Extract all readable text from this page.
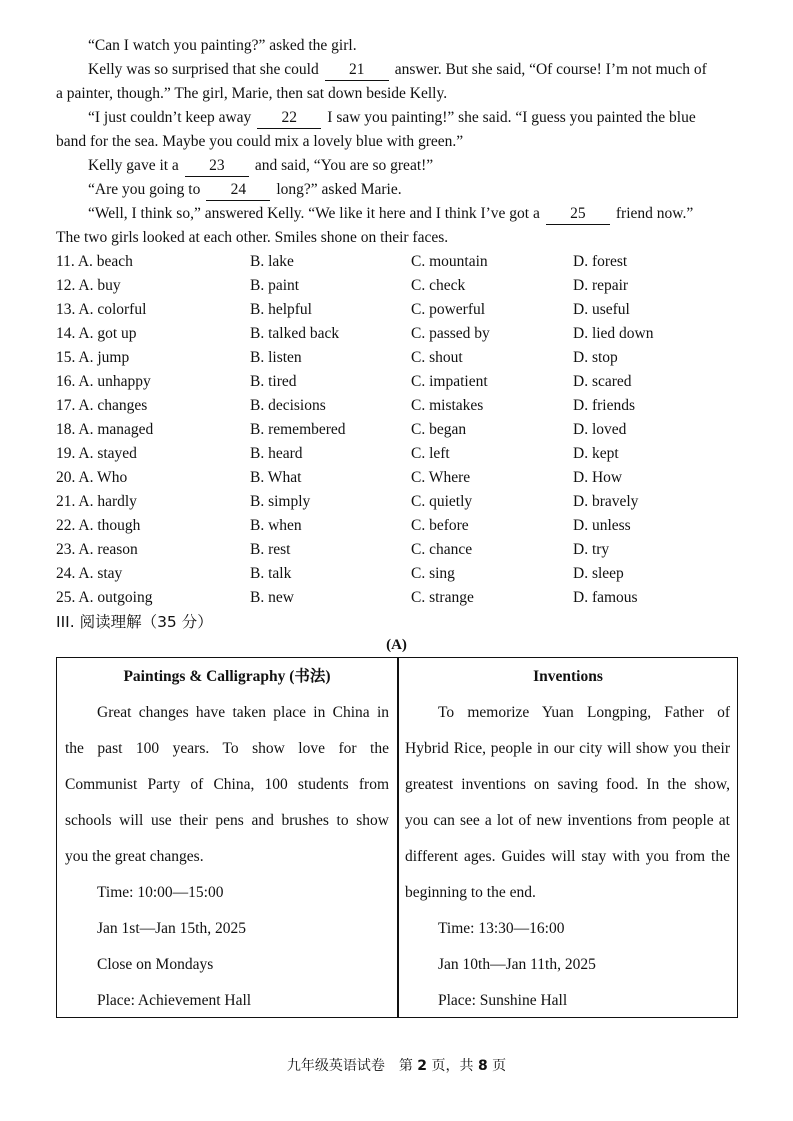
“Can I watch you painting?” asked the girl.
Kelly was so surprised that she could 21 answer. But she said, “Of course! I’m not much of
a painter, though.” The girl, Marie, then sat down beside Kelly.
“I just couldn’t keep away 22 I saw you painting!” she said. “I guess you painted the blue
band for the sea. Maybe you could mix a lovely blue with green.”
Kelly gave it a 23 and said, “You are so great!”
“Are you going to 24 long?” asked Marie.
“Well, I think so,” answered Kelly. “We like it here and I think I’ve got a 25 friend now.”
The two girls looked at each other. Smiles shone on their faces.
11. A. beach	B. lake	C. mountain	D. forest
12. A. buy	B. paint	C. check	D. repair
13. A. colorful	B. helpful	C. powerful	D. useful
14. A. got up	B. talked back	C. passed by	D. lied down
15. A. jump	B. listen	C. shout	D. stop
16. A. unhappy	B. tired	C. impatient	D. scared
17. A. changes	B. decisions	C. mistakes	D. friends
18. A. managed	B. remembered	C. began	D. loved
19. A. stayed	B. heard	C. left	D. kept
20. A. Who	B. What	C. Where	D. How
21. A. hardly	B. simply	C. quietly	D. bravely
22. A. though	B. when	C. before	D. unless
23. A. reason	B. rest	C. chance	D. try
24. A. stay	B. talk	C. sing	D. sleep
25. A. outgoing	B. new	C. strange	D. famous
III. 阅读理解（35 分）
(A)
Paintings & Calligraphy (书法)
Great changes have taken place in China in
the past 100 years. To show love for the
Communist Party of China, 100 students from
schools will use their pens and brushes to show
you the great changes.
Time: 10:00—15:00
Jan 1st—Jan 15th, 2025
Close on Mondays
Place: Achievement Hall
Inventions
To memorize Yuan Longping, Father of
Hybrid Rice, people in our city will show you their
greatest inventions on saving food. In the show,
you can see a lot of new inventions from people at
different ages. Guides will stay with you from the
beginning to the end.
Time: 13:30—16:00
Jan 10th—Jan 11th, 2025
Place: Sunshine Hall
九年级英语试卷　第 2 页，共 8 页
